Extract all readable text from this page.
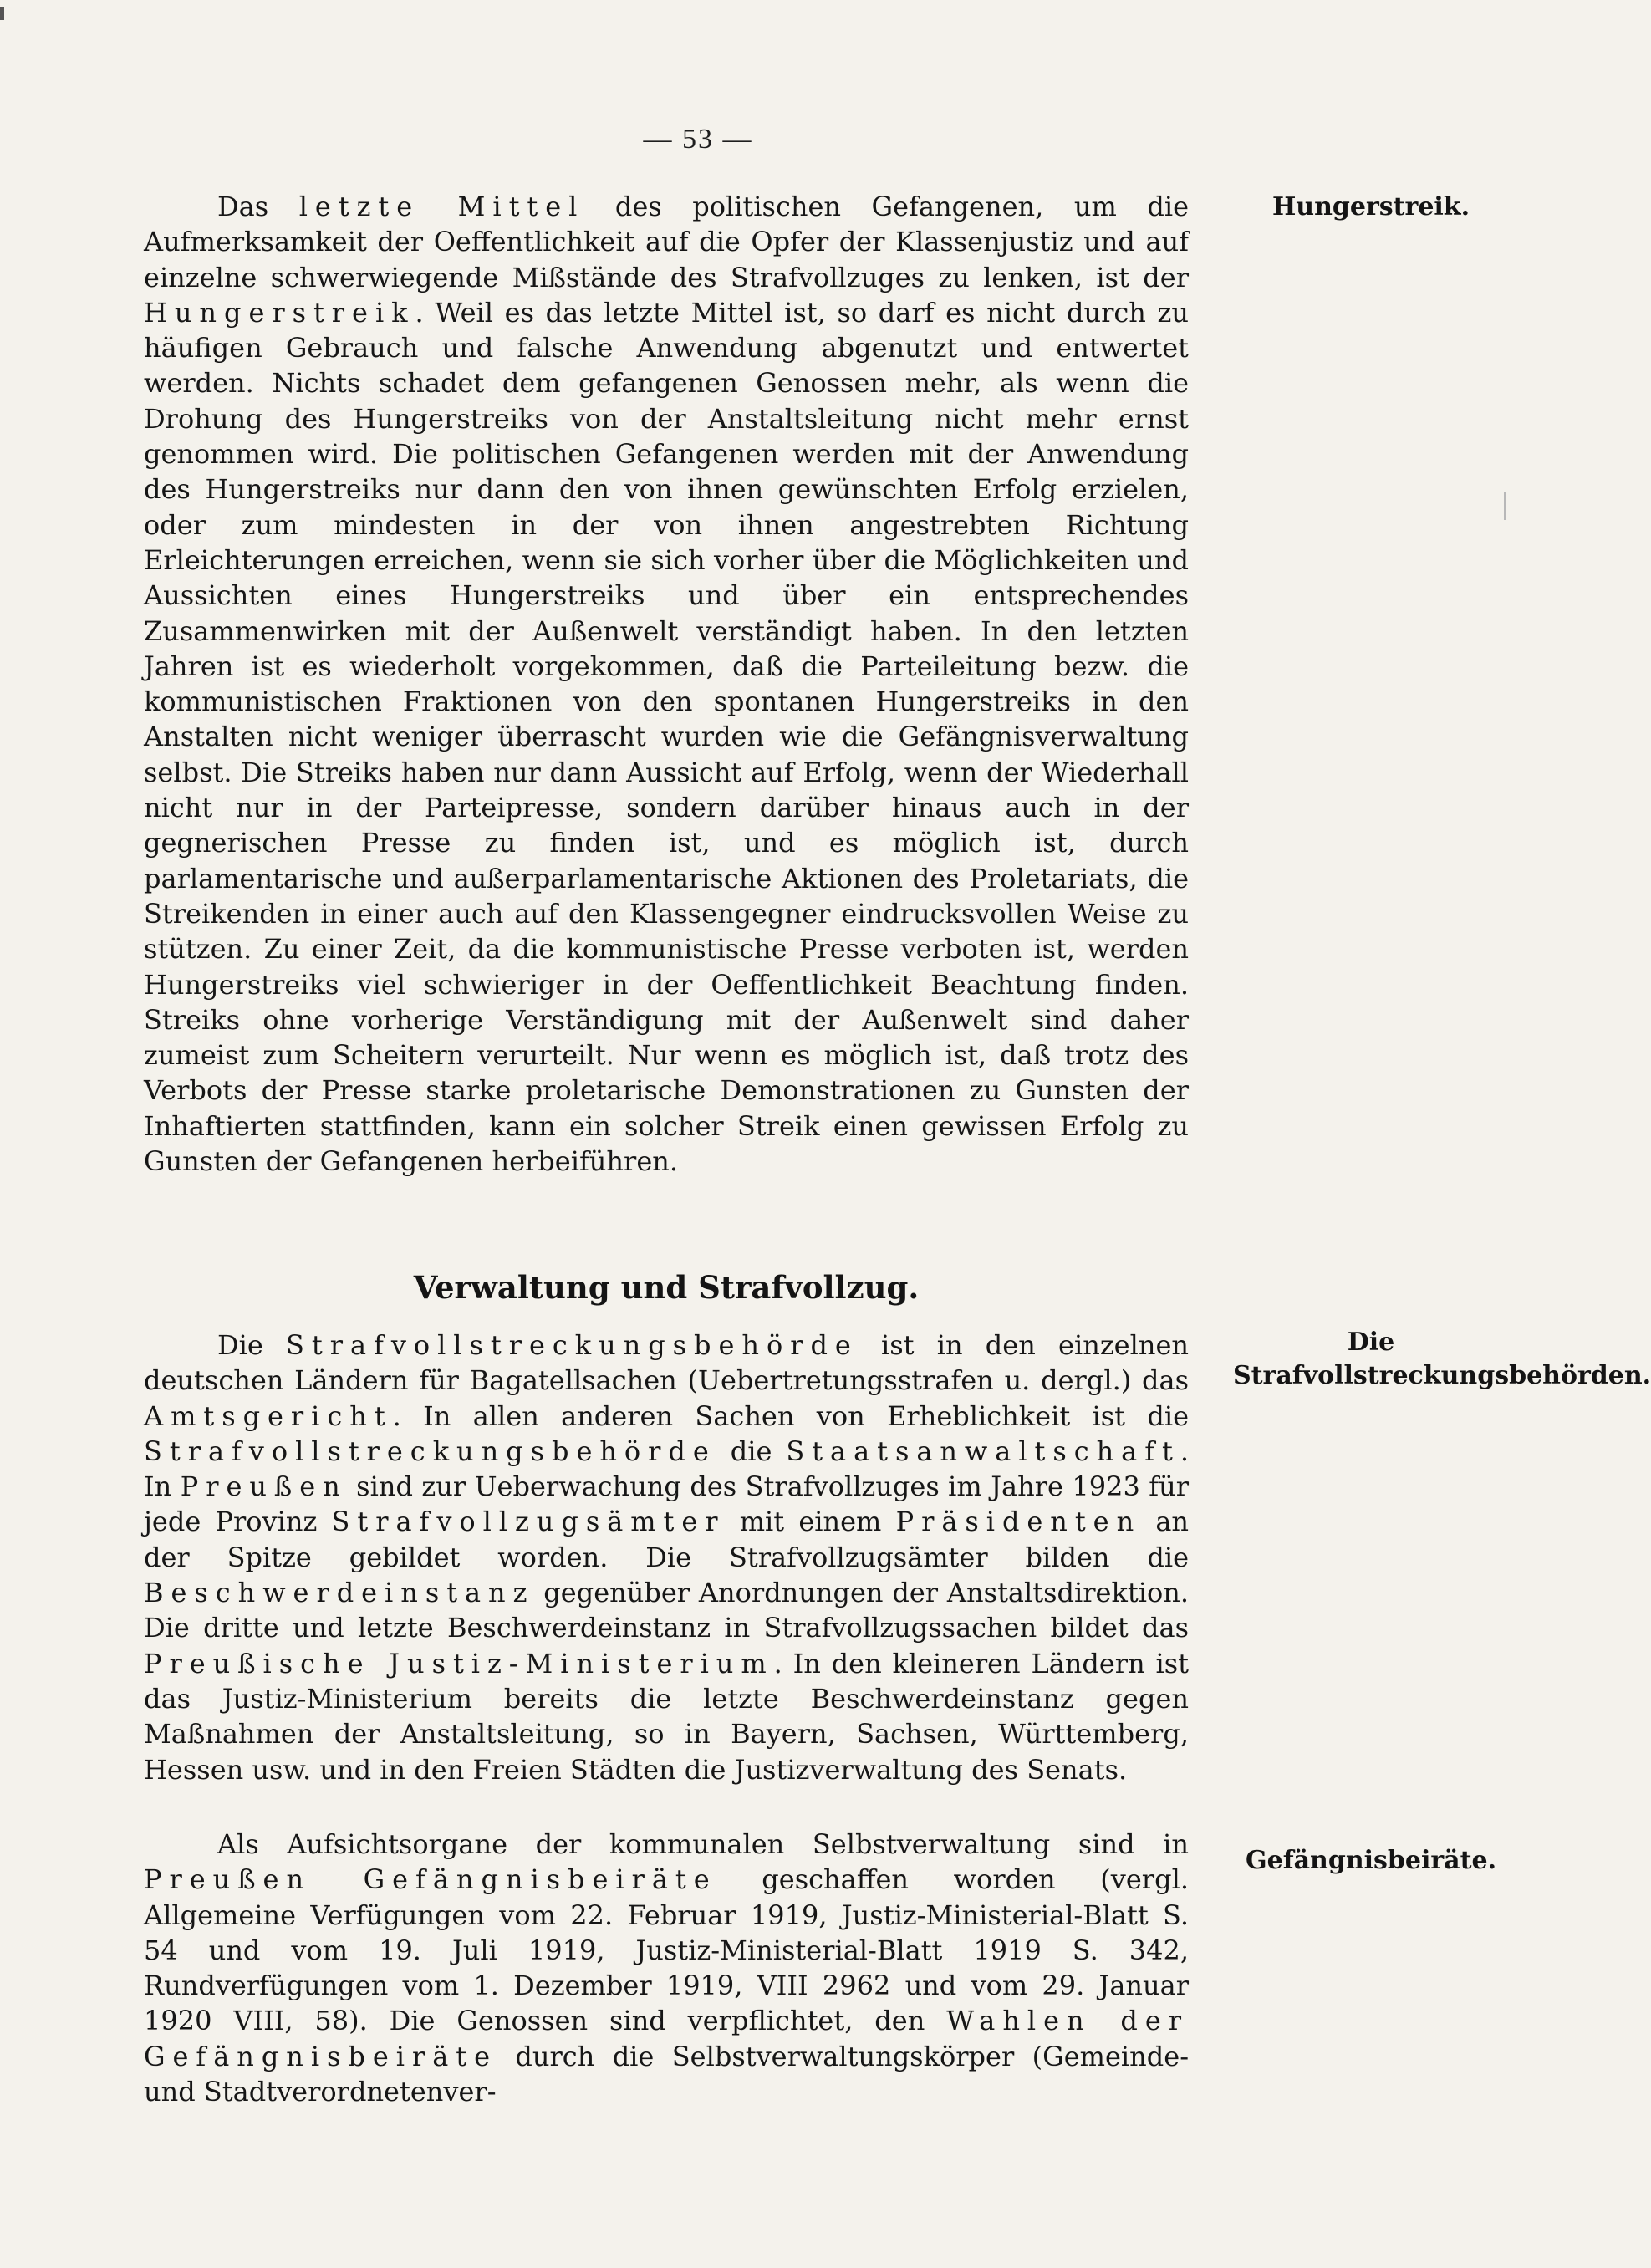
— 53 —
Hungerstreik.

Das letzte Mittel des politischen Gefangenen, um die Aufmerksamkeit der Oeffentlichkeit auf die Opfer der Klassenjustiz und auf einzelne schwerwiegende Mißstände des Strafvollzuges zu lenken, ist der Hungerstreik. Weil es das letzte Mittel ist, so darf es nicht durch zu häufigen Gebrauch und falsche Anwendung abgenutzt und entwertet werden. Nichts schadet dem gefangenen Genossen mehr, als wenn die Drohung des Hungerstreiks von der Anstaltsleitung nicht mehr ernst genommen wird. Die politischen Gefangenen werden mit der Anwendung des Hungerstreiks nur dann den von ihnen gewünschten Erfolg erzielen, oder zum mindesten in der von ihnen angestrebten Richtung Erleichterungen erreichen, wenn sie sich vorher über die Möglichkeiten und Aussichten eines Hungerstreiks und über ein entsprechendes Zusammenwirken mit der Außenwelt verständigt haben. In den letzten Jahren ist es wiederholt vorgekommen, daß die Parteileitung bezw. die kommunistischen Fraktionen von den spontanen Hungerstreiks in den Anstalten nicht weniger überrascht wurden wie die Gefängnisverwaltung selbst. Die Streiks haben nur dann Aussicht auf Erfolg, wenn der Wiederhall nicht nur in der Parteipresse, sondern darüber hinaus auch in der gegnerischen Presse zu finden ist, und es möglich ist, durch parlamentarische und außerparlamentarische Aktionen des Proletariats, die Streikenden in einer auch auf den Klassengegner eindrucksvollen Weise zu stützen. Zu einer Zeit, da die kommunistische Presse verboten ist, werden Hungerstreiks viel schwieriger in der Oeffentlichkeit Beachtung finden. Streiks ohne vorherige Verständigung mit der Außenwelt sind daher zumeist zum Scheitern verurteilt. Nur wenn es möglich ist, daß trotz des Verbots der Presse starke proletarische Demonstrationen zu Gunsten der Inhaftierten stattfinden, kann ein solcher Streik einen gewissen Erfolg zu Gunsten der Gefangenen herbeiführen.

Verwaltung und Strafvollzug.
Die Strafvollstreckungsbehörden.

Die Strafvollstreckungsbehörde ist in den einzelnen deutschen Ländern für Bagatellsachen (Uebertretungsstrafen u. dergl.) das Amtsgericht. In allen anderen Sachen von Erheblichkeit ist die Strafvollstreckungsbehörde die Staatsanwaltschaft. In Preußen sind zur Ueberwachung des Strafvollzuges im Jahre 1923 für jede Provinz Strafvollzugsämter mit einem Präsidenten an der Spitze gebildet worden. Die Strafvollzugsämter bilden die Beschwerdeinstanz gegenüber Anordnungen der Anstaltsdirektion. Die dritte und letzte Beschwerdeinstanz in Strafvollzugssachen bildet das Preußische Justiz-Ministerium. In den kleineren Ländern ist das Justiz-Ministerium bereits die letzte Beschwerdeinstanz gegen Maßnahmen der Anstaltsleitung, so in Bayern, Sachsen, Württemberg, Hessen usw. und in den Freien Städten die Justizverwaltung des Senats.

Gefängnisbeiräte.

Als Aufsichtsorgane der kommunalen Selbstverwaltung sind in Preußen Gefängnisbeiräte geschaffen worden (vergl. Allgemeine Verfügungen vom 22. Februar 1919, Justiz-Ministerial-Blatt S. 54 und vom 19. Juli 1919, Justiz-Ministerial-Blatt 1919 S. 342, Rundverfügungen vom 1. Dezember 1919, VIII 2962 und vom 29. Januar 1920 VIII, 58). Die Genossen sind verpflichtet, den Wahlen der Gefängnisbeiräte durch die Selbstverwaltungskörper (Gemeinde- und Stadtverordnetenver-
